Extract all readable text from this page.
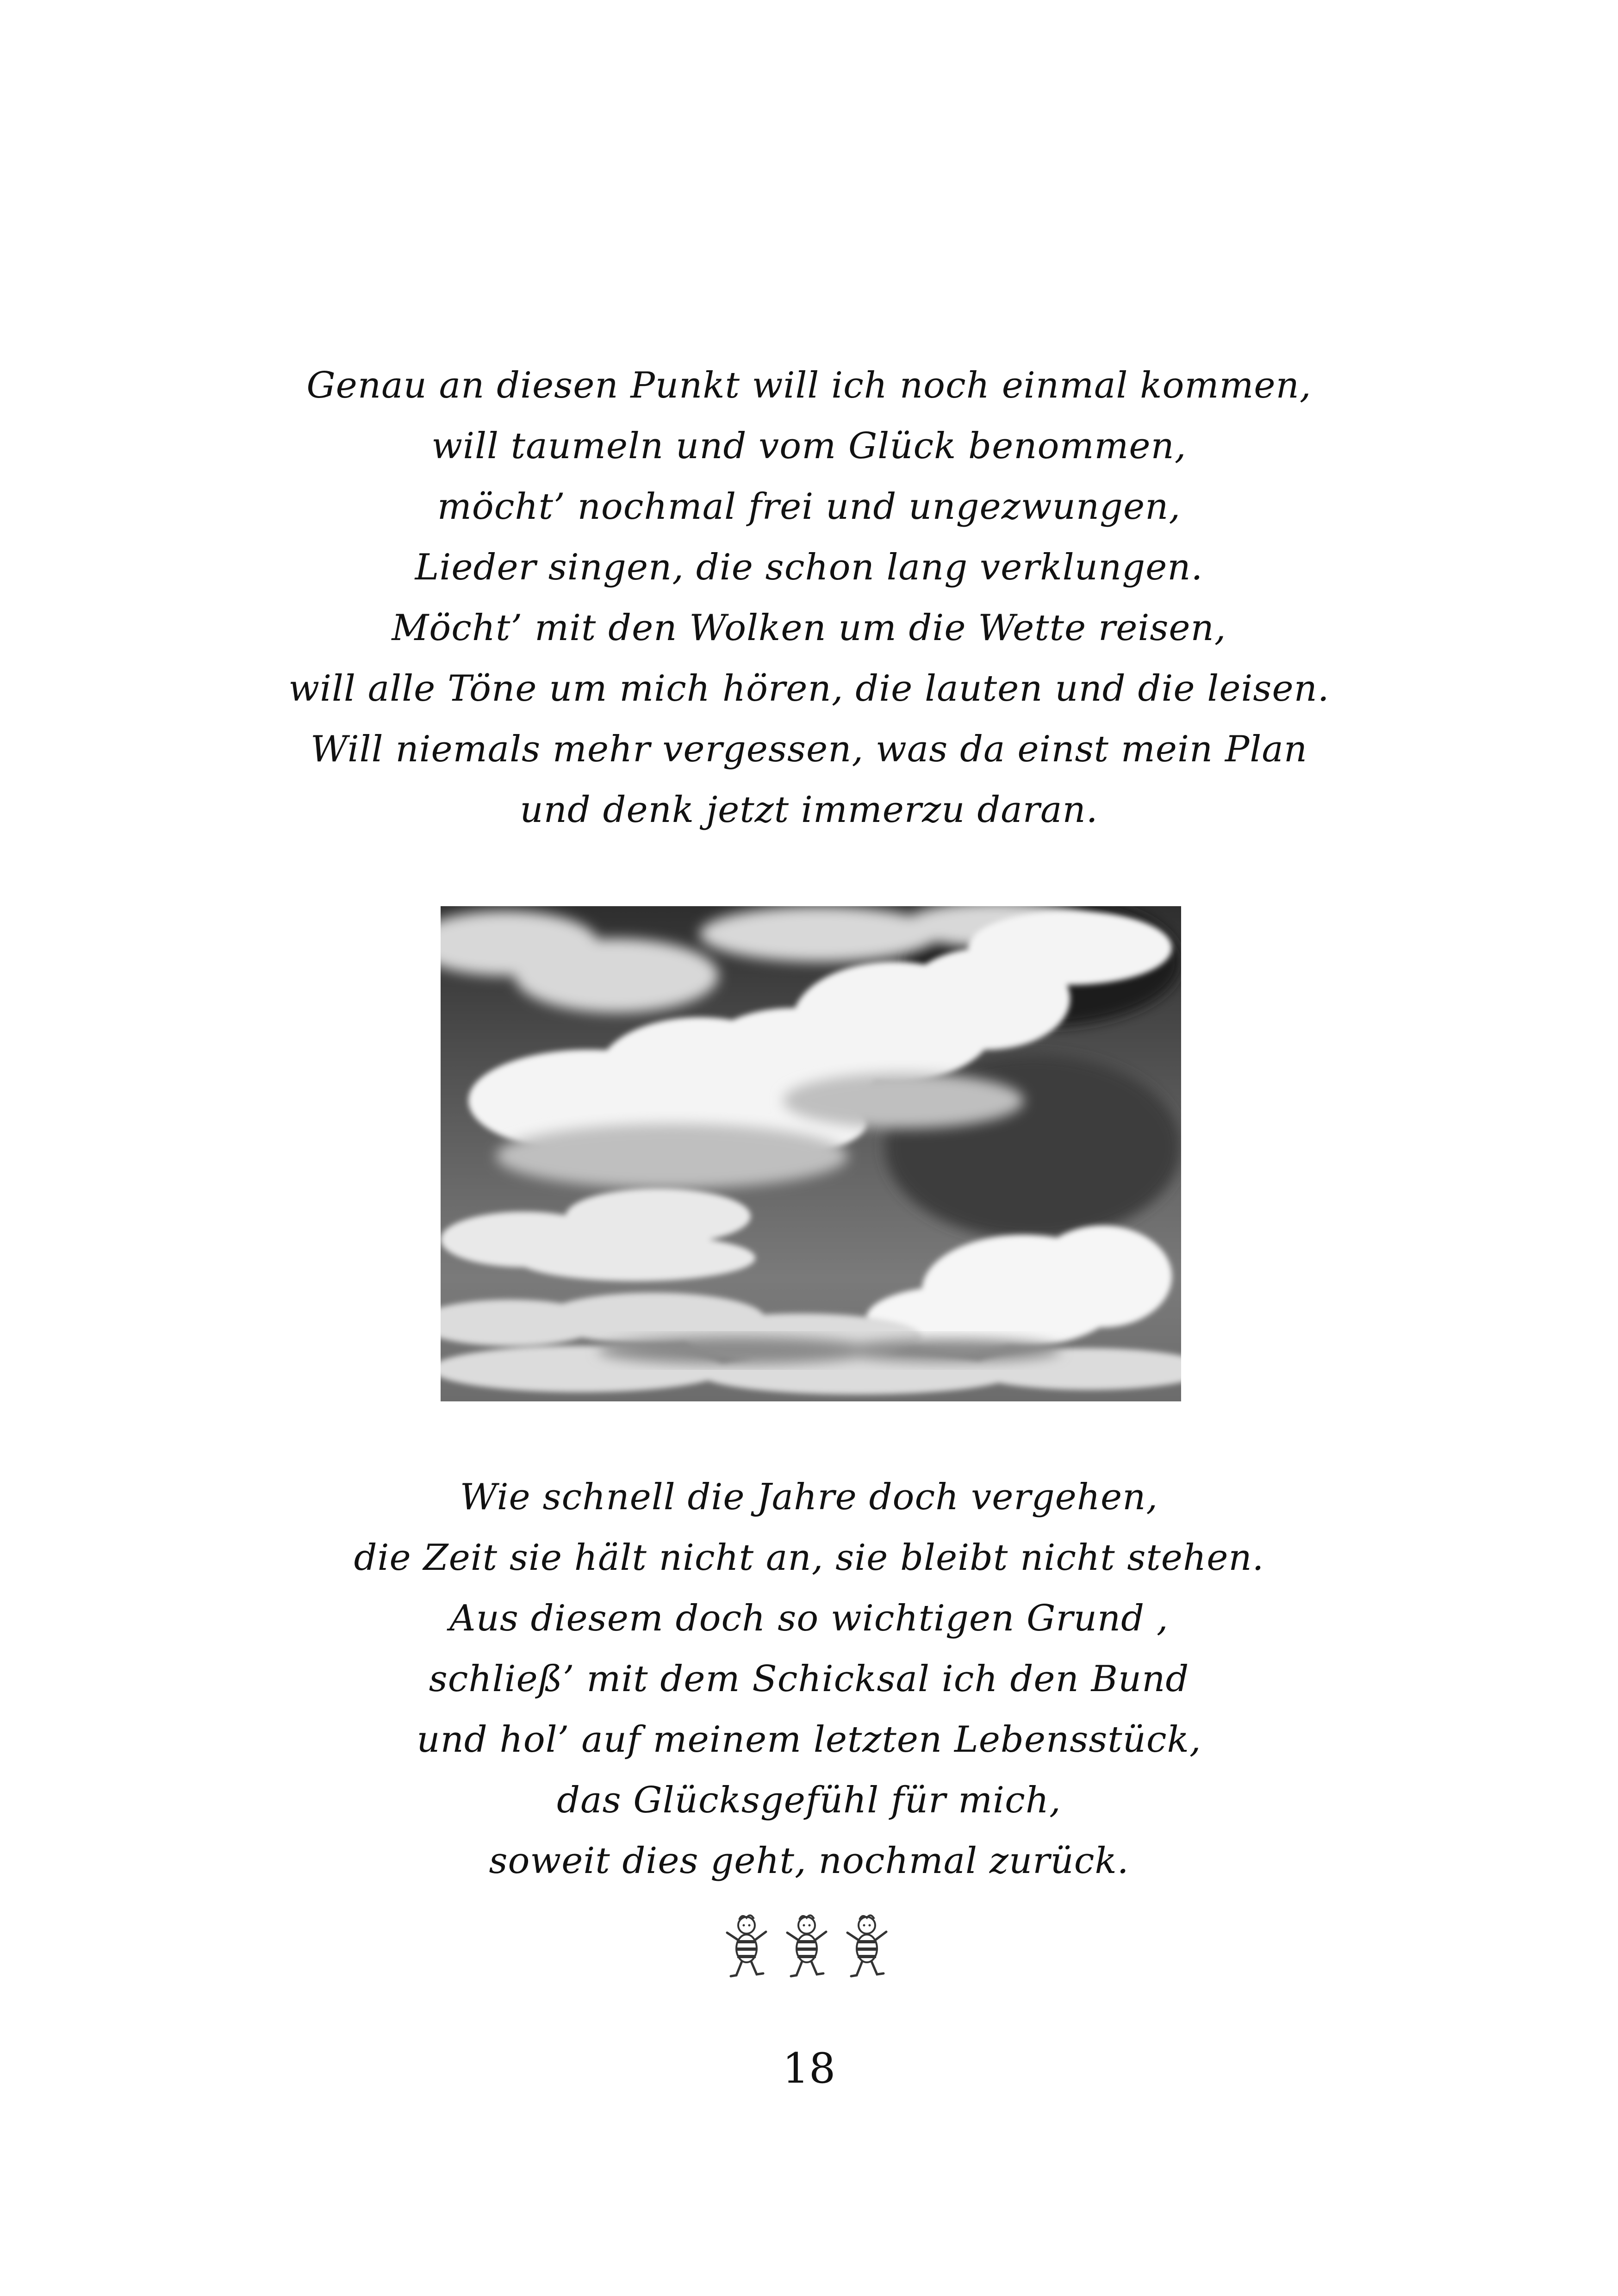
Genau an diesen Punkt will ich noch einmal kommen,
will taumeln und vom Glück benommen,
möcht’ nochmal frei und ungezwungen,
Lieder singen, die schon lang verklungen.
Möcht’ mit den Wolken um die Wette reisen,
will alle Töne um mich hören, die lauten und die leisen.
Will niemals mehr vergessen, was da einst mein Plan
und denk jetzt immerzu daran.
Wie schnell die Jahre doch vergehen,
die Zeit sie hält nicht an, sie bleibt nicht stehen.
Aus diesem doch so wichtigen Grund ,
schließ’ mit dem Schicksal ich den Bund
und hol’ auf meinem letzten Lebensstück,
das Glücksgefühl für mich,
soweit dies geht, nochmal zurück.
18
